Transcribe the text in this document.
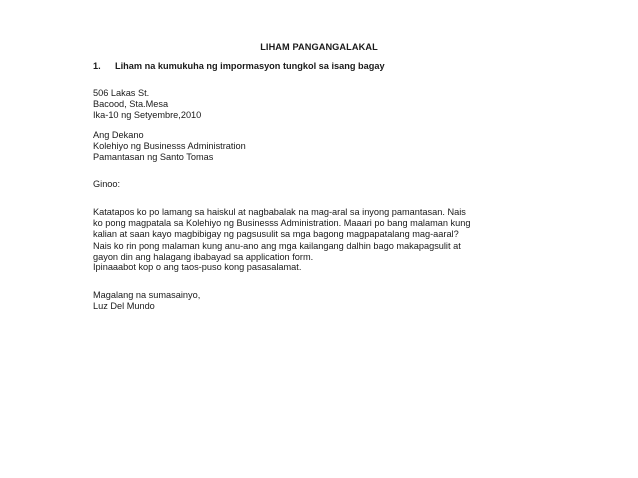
LIHAM PANGANGALAKAL
1. Liham na kumukuha ng impormasyon tungkol sa isang bagay
506 Lakas St.
Bacood, Sta.Mesa
Ika-10 ng Setyembre,2010
Ang Dekano
Kolehiyo ng Businesss Administration
Pamantasan ng Santo Tomas
Ginoo:
Katatapos ko po lamang sa haiskul at nagbabalak na mag-aral sa inyong pamantasan. Nais
ko pong magpatala sa Kolehiyo ng Businesss Administration. Maaari po bang malaman kung
kalian at saan kayo magbibigay ng pagsusulit sa mga bagong magpapatalang mag-aaral?
Nais ko rin pong malaman kung anu-ano ang mga kailangang dalhin bago makapagsulit at
gayon din ang halagang ibabayad sa application form.
Ipinaaabot kop o ang taos-puso kong pasasalamat.
Magalang na sumasainyo,
Luz Del Mundo
